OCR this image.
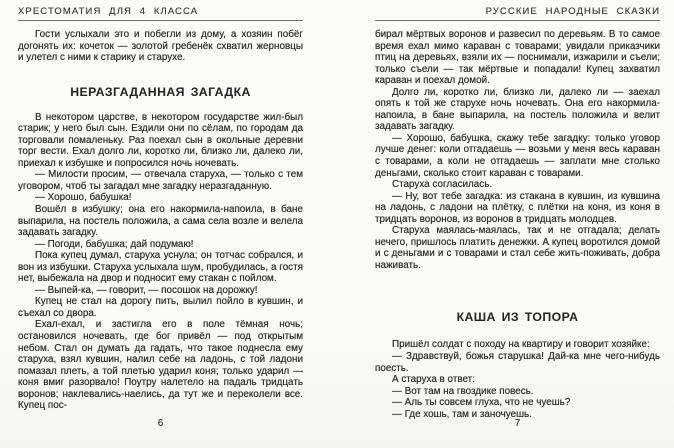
ХРЕСТОМАТИЯ ДЛЯ 4 КЛАССА

Гости услыхали это и побегли из дому, а хозяин побёг догонять их: кочеток — золотой гребенёк схватил жерновцы и улетел с ними к старику и старухе.

НЕРАЗГАДАННАЯ ЗАГАДКА

В некотором царстве, в некотором государстве жил-был старик; у него был сын. Ездили они по сёлам, по городам да торговали помаленьку. Раз поехал сын в окольные деревни торг вести. Ехал долго ли, коротко ли, близко ли, далеко ли, приехал к избушке и попросился ночь ночевать.

— Милости просим, — отвечала старуха, — только с тем уговором, чтоб ты загадал мне загадку неразгаданную.

— Хорошо, бабушка!

Вошёл в избушку; она его накормила-напоила, в бане выпарила, на постель положила, а сама села возле и велела задавать загадку.

— Погоди, бабушка; дай подумаю!

Пока купец думал, старуха уснула; он тотчас собрался, и вон из избушки. Старуха услыхала шум, пробудилась, а гостя нет, выбежала на двор и подносит ему стакан с пойлом.

— Выпей-ка, — говорит, — посошок на дорожку!

Купец не стал на дорогу пить, вылил пойло в кувшин, и съехал со двора.

Ехал-ехал, и застигла его в поле тёмная ночь; остановился ночевать, где бог привёл — под открытым небом. Стал он думать да гадать, что такое поднесла ему старуха, взял кувшин, налил себе на ладонь, с той ладони помазал плеть, а той плетью ударил коня; только ударил — коня вмиг разорвало! Поутру налетело на падаль тридцать воронов; наклевались-наелись, да тут же и переколели все. Купец пос-

6
РУССКИЕ НАРОДНЫЕ СКАЗКИ

бирал мёртвых воронов и развесил по деревьям. В то самое время ехал мимо караван с товарами; увидали приказчики птиц на деревьях, взяли их — поснимали, изжарили и съели; только съели — так мёртвые и попадали! Купец захватил караван и поехал домой.

Долго ли, коротко ли, близко ли, далеко ли — заехал опять к той же старухе ночь ночевать. Она его накормила-напоила, в бане выпарила, на постель положила и велит задавать загадку.

— Хорошо, бабушка, скажу тебе загадку: только уговор лучше денег: коли отгадаешь — возьми у меня весь караван с товарами, а коли не отгадаешь — заплати мне столько деньгами, сколько стоит караван с товарами.

Старуха согласилась.

— Ну, вот тебе загадка: из стакана в кувшин, из кувшина на ладонь, с ладони на плётку, с плётки на коня, из коня в тридцать воронов, из воронов в тридцать молодцев.

Старуха маялась-маялась, так и не отгадала; делать нечего, пришлось платить денежки. А купец воротился домой и с деньгами и с товарами и стал себе жить-поживать, добра наживать.

КАША ИЗ ТОПОРА

Пришёл солдат с походу на квартиру и говорит хозяйке:

— Здравствуй, божья старушка! Дай-ка мне чего-нибудь поесть.

А старуха в ответ:

— Вот там на гвоздике повесь.

— Аль ты совсем глуха, что не чуешь?

— Где хошь, там и заночуешь.

7
